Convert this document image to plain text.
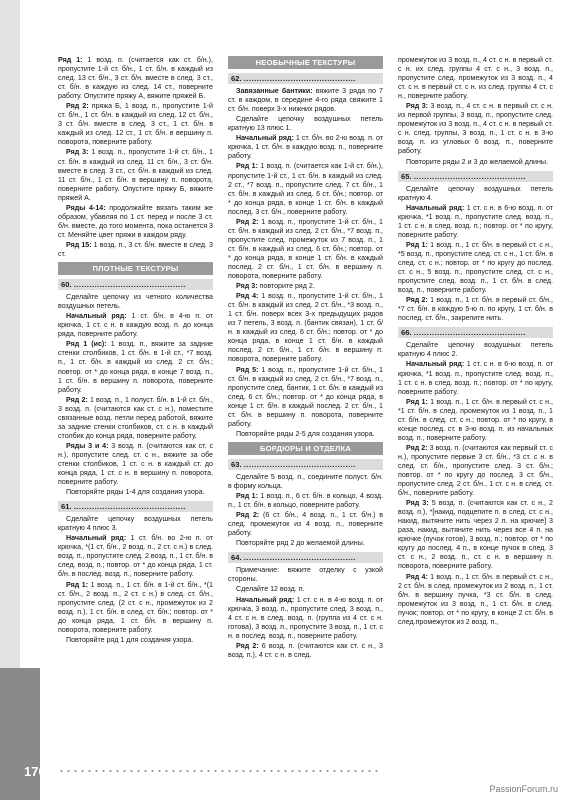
170
PassionForum.ru

Ряд 1: 1 возд. п. (считается как ст. б/н.), пропустите 1-й ст. б/н., 1 ст. б/н. в каждый из след. 13 ст. б/н., 3 ст. б/н. вместе в след. 3 ст., ст. б/н. в каждую из след. 14 ст., поверните работу. Опустите пряжу А, вяжите пряжей Б.

Ряд 2: пряжа Б, 1 возд. п., пропустите 1-й ст. б/н., 1 ст. б/н. в каждый из след. 12 ст. б/н., 3 ст. б/н. вместе в след. 3 ст., 1 ст. б/н. в каждый из след. 12 ст., 1 ст. б/н. в вершину п. поворота, поверните работу.

Ряд 3: 1 возд. п., пропустите 1-й ст. б/н., 1 ст. б/н. в каждый из след. 11 ст. б/н., 3 ст. б/н. вместе в след. 3 ст., ст. б/н. в каждый из след. 11 ст. б/н., 1 ст. б/н. в вершину п. поворота, поверните работу. Опустите пряжу Б, вяжите пряжей А.

Ряды 4-14: продолжайте вязать таким же образом, убавляя по 1 ст. перед и после 3 ст. б/н. вместе, до того момента, пока останется 3 ст. Меняйте цвет пряжи в каждом ряду.

Ряд 15: 1 возд. п., 3 ст. б/н. вместе в след. 3 ст.

ПЛОТНЫЕ ТЕКСТУРЫ
60. ...........................................

Сделайте цепочку из четного количества воздушных петель.

Начальный ряд: 1 ст. б/н. в 4-ю п. от крючка, 1 ст. с н. в каждую возд. п. до конца ряда, поверните работу.

Ряд 1 (ис): 1 возд. п., вяжите за задние стенки столбиков, 1 ст. б/н. в 1-й ст., *7 возд. п., 1 ст. б/н. в каждый из след. 2 ст. б/н.; повтор. от * до конца ряда, в конце 7 возд. п., 1 ст. б/н. в вершину п. поворота, поверните работу.

Ряд 2: 1 возд. п., 1 полуст. б/н. в 1-й ст. б/н., 3 возд. п. (считаются как ст. с н.), поместите связанные возд. петли перед работой, вяжите за задние стенки столбиков, ст. с н. в каждый столбик до конца ряда, поверните работу.

Ряды 3 и 4: 3 возд. п. (считаются как ст. с н.), пропустите след. ст. с н., вяжите за обе стенки столбиков, 1 ст. с н. в каждый ст. до конца ряда, 1 ст. с н. в вершину п. поворота, поверните работу.

Повторяйте ряды 1-4 для создания узора.

61. ...........................................

Сделайте цепочку воздушных петель кратную 4 плюс 3.

Начальный ряд: 1 ст. б/н. во 2-ю п. от крючка, *(1 ст. б/н., 2 возд. п., 2 ст. с н.) в след. возд. п., пропустите след. 2 возд. п., 1 ст. б/н. в след. возд. п.; повтор. от * до конца ряда, 1 ст. б/н. в послед. возд. п., поверните работу.

Ряд 1: 1 возд. п., 1 ст. б/н. в 1-й ст. б/н., *(1 ст. б/н., 2 возд. п., 2 ст. с н.) в след. ст. б/н., пропустите след. (2 ст. с н., промежуток из 2 возд. п.), 1 ст. б/н. в след. ст. б/н.; повтор. от * до конца ряда, 1 ст. б/н. в вершину п. поворота, поверните работу.

Повторяйте ряд 1 для создания узора.

НЕОБЫЧНЫЕ ТЕКСТУРЫ
62. ...........................................

Завязанные бантики: вяжите 3 ряда по 7 ст. в каждом, в середине 4-го ряда свяжите 1 ст. б/н. поверх 3-х нижних рядов.

Сделайте цепочку воздушных петель кратную 13 плюс 1.

Начальный ряд: 1 ст. б/н. во 2-ю возд. п. от крючка, 1 ст. б/н. в каждую возд. п., поверните работу.

Ряд 1: 1 возд. п. (считается как 1-й ст. б/н.), пропустите 1-й ст., 1 ст. б/н. в каждый из след. 2 ст., *7 возд. п., пропустите след. 7 ст. б/н., 1 ст. б/н. в каждый из след. 6 ст. б/н.; повтор. от * до конца ряда, в конце 1 ст. б/н. в каждый послед. 3 ст. б/н., поверните работу.

Ряд 2: 1 возд. п., пропустите 1-й ст. б/н., 1 ст. б/н. в каждый из след. 2 ст. б/н., *7 возд. п., пропустите след. промежуток из 7 возд. п., 1 ст. б/н. в каждый из след. 6 ст. б/н.; повтор. от * до конца ряда, в конце 1 ст. б/н. в каждый послед. 2 ст. б/н., 1 ст. б/н. в вершину п. поворота, поверните работу.

Ряд 3: повторите ряд 2.

Ряд 4: 1 возд. п., пропустите 1-й ст. б/н., 1 ст. б/н. в каждый из след. 2 ст. б/н., *3 возд. п., 1 ст. б/н. поверх всех 3-х предыдущих рядов из 7 петель, 3 возд. п. (бантик связан), 1 ст. б/н. в каждый из след. 6 ст. б/н.; повтор. от * до конца ряда, в конце 1 ст. б/н. в каждый послед. 2 ст. б/н., 1 ст. б/н. в вершину п. поворота, поверните работу.

Ряд 5: 1 возд. п., пропустите 1-й ст. б/н., 1 ст. б/н. в каждый из след. 2 ст. б/н., *7 возд. п., пропустите след. бантик, 1 ст. б/н. в каждый из след. 6 ст. б/н.; повтор. от * до конца ряда, в конце 1 ст. б/н. в каждый послед. 2 ст. б/н., 1 ст. б/н. в вершину п. поворота, поверните работу.

Повторяйте ряды 2-5 для создания узора.

БОРДЮРЫ И ОТДЕЛКА
63. ...........................................

Сделайте 5 возд. п., соедините полуст. б/н. в форму кольца.

Ряд 1: 1 возд. п., 6 ст. б/н. в кольцо, 4 возд. п., 1 ст. б/н. в кольцо, поверните работу.

Ряд 2: (6 ст. б/н., 4 возд. п., 1 ст. б/н.) в след. промежуток из 4 возд. п., поверните работу.

Повторяйте ряд 2 до желаемой длины.

64. ...........................................

Примечание: вяжите отделку с узкой стороны.

Сделайте 12 возд. п.

Начальный ряд: 1 ст. с н. в 4-ю возд. п. от крючка, 3 возд. п., пропустите след. 3 возд. п., 4 ст. с н. в след. возд. п. (группа из 4 ст. с н. готова), 3 возд. п., пропустите 3 возд. п., 1 ст. с н. в послед. возд. п., поверните работу.

Ряд 2: 6 возд. п. (считаются как ст. с н., 3 возд. п.), 4 ст. с н. в след.

промежуток из 3 возд. п., 4 ст. с н. в первый ст. с н. их след. группы 4 ст. с н., 3 возд. п., пропустите след. промежуток из 3 возд. п., 4 ст. с н. в первый ст. с н. из след. группы 4 ст. с н., поверните работу.

Ряд 3: 3 возд. п., 4 ст. с н. в первый ст. с н. из первой группы, 3 возд. п., пропустите след. промежуток из 3 возд. п., 4 ст. с н. в первый ст. с н. след. группы, 3 возд. п., 1 ст. с н. в 3-ю возд. п. из угловых 6 возд. п., поверните работу.

Повторите ряды 2 и 3 до желаемой длины.

65. ...........................................

Сделайте цепочку воздушных петель кратную 4.

Начальный ряд: 1 ст. с н. в 6-ю возд. п. от крючка, *1 возд. п., пропустите след. возд. п., 1 ст. с н. в след. возд. п.; повтор. от * по кругу, поверните работу.

Ряд 1: 1 возд. п., 1 ст. б/н. в первый ст. с н., *5 возд. п., пропустите след. ст. с н., 1 ст. б/н. в след. ст. с н.; повтор. от * по кругу до послед. ст. с н., 5 возд. п., пропустите след. ст. с н., пропустите след. возд. п., 1 ст. б/н. в след. возд. п., поверните работу.

Ряд 2: 1 возд. п., 1 ст. б/н. в первый ст. б/н., *7 ст. б/н. в каждую 5-ю п. по кругу, 1 ст. б/н. в послед. ст. б/н., закрепите нить.

66. ...........................................

Сделайте цепочку воздушных петель кратную 4 плюс 2.

Начальный ряд: 1 ст. с н. в 6-ю возд. п. от крючка, *1 возд. п., пропустите след. возд. п., 1 ст. с н. в след. возд. п.; повтор. от * по кругу, поверните работу.

Ряд 1: 1 возд. п., 1 ст. б/н. в первый ст. с н., *1 ст. б/н. в след. промежуток из 1 возд. п., 1 ст. б/н. в след. ст. с н.; повтор. от * по кругу, в конце послед. ст. в 3-ю возд. п. из начальных возд. п., поверните работу.

Ряд 2: 3 возд. п. (считаются как первый ст. с н.), пропустите первые 3 ст. б/н., *3 ст. с н. в след. ст. б/н., пропустите след. 3 ст. б/н.; повтор. от * по кругу до послед. 3 ст. б/н., пропустите след. 2 ст. б/н., 1 ст. с н. в след. ст. б/н., поверните работу.

Ряд 3: 5 возд. п. (считаются как ст. с н., 2 возд. п.), *[накид, подцепите п. в след. ст. с н., накид, вытяните нить через 2 п. на крючке] 3 раза, накид, вытяните нить через все 4 п. на крючке (пучок готов), 3 возд. п.; повтор. от * по кругу до послед. 4 п., в конце пучок в след. 3 ст. с н., 2 возд. п., ст. с н. в вершину п. поворота, поверните работу.

Ряд 4: 1 возд. п., 1 ст. б/н. в первый ст. с н., 2 ст. б/н. в след. промежуток из 2 возд. п., 1 ст. б/н. в вершину пучка, *3 ст. б/н. в след. промежуток из 3 возд. п., 1 ст. б/н. в след. пучок; повтор. от * по кругу, в конце 2 ст. б/н. в след.промежуток из 2 возд. п.,
